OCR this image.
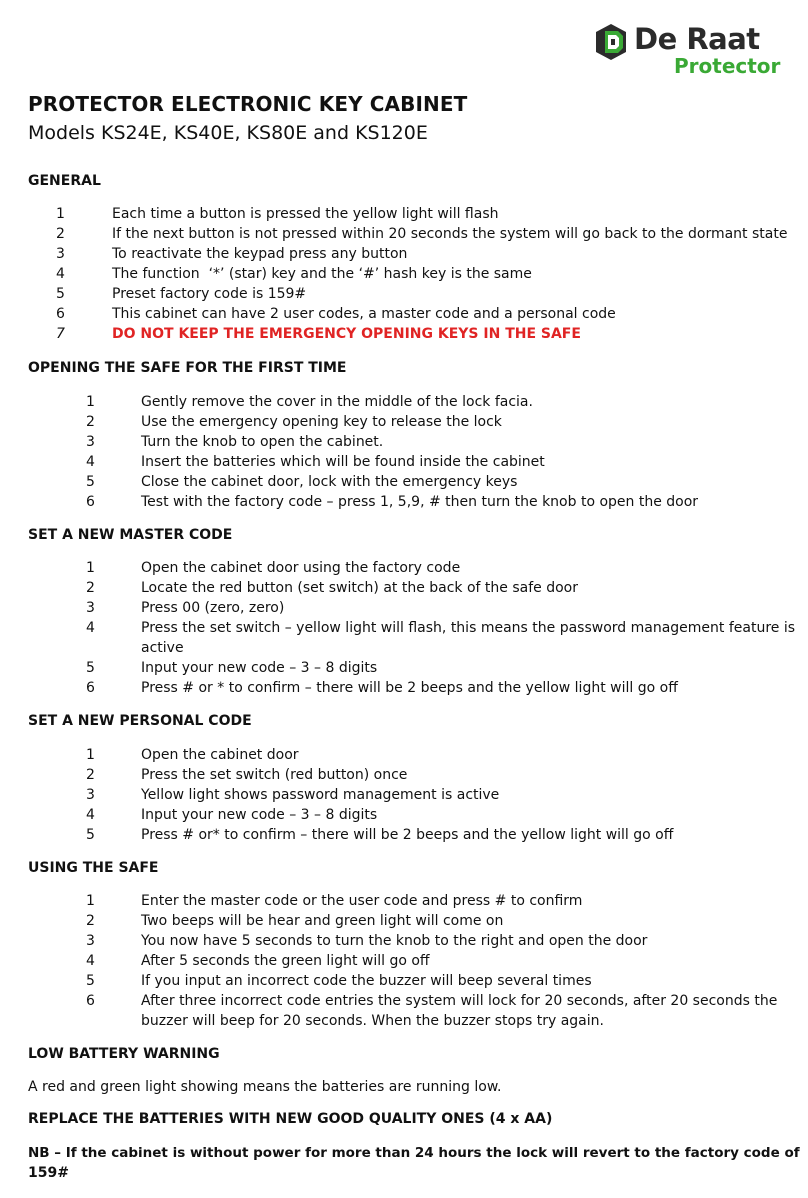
De Raat
Protector
PROTECTOR ELECTRONIC KEY CABINET
Models KS24E, KS40E, KS80E and KS120E
GENERAL
1	Each time a button is pressed the yellow light will flash
2	If the next button is not pressed within 20 seconds the system will go back to the dormant state
3	To reactivate the keypad press any button
4	The function  ‘*’ (star) key and the ‘#’ hash key is the same
5	Preset factory code is 159#
6	This cabinet can have 2 user codes, a master code and a personal code
7	DO NOT KEEP THE EMERGENCY OPENING KEYS IN THE SAFE
OPENING THE SAFE FOR THE FIRST TIME
1	Gently remove the cover in the middle of the lock facia.
2	Use the emergency opening key to release the lock
3	Turn the knob to open the cabinet.
4	Insert the batteries which will be found inside the cabinet
5	Close the cabinet door, lock with the emergency keys
6	Test with the factory code – press 1, 5,9, # then turn the knob to open the door
SET A NEW MASTER CODE
1	Open the cabinet door using the factory code
2	Locate the red button (set switch) at the back of the safe door
3	Press 00 (zero, zero)
4	Press the set switch – yellow light will flash, this means the password management feature is
active
5	Input your new code – 3 – 8 digits
6	Press # or * to confirm – there will be 2 beeps and the yellow light will go off
SET A NEW PERSONAL CODE
1	Open the cabinet door
2	Press the set switch (red button) once
3	Yellow light shows password management is active
4	Input your new code – 3 – 8 digits
5	Press # or* to confirm – there will be 2 beeps and the yellow light will go off
USING THE SAFE
1	Enter the master code or the user code and press # to confirm
2	Two beeps will be hear and green light will come on
3	You now have 5 seconds to turn the knob to the right and open the door
4	After 5 seconds the green light will go off
5	If you input an incorrect code the buzzer will beep several times
6	After three incorrect code entries the system will lock for 20 seconds, after 20 seconds the
buzzer will beep for 20 seconds. When the buzzer stops try again.
LOW BATTERY WARNING

A red and green light showing means the batteries are running low.

REPLACE THE BATTERIES WITH NEW GOOD QUALITY ONES (4 x AA)

NB – If the cabinet is without power for more than 24 hours the lock will revert to the factory code of

159#
